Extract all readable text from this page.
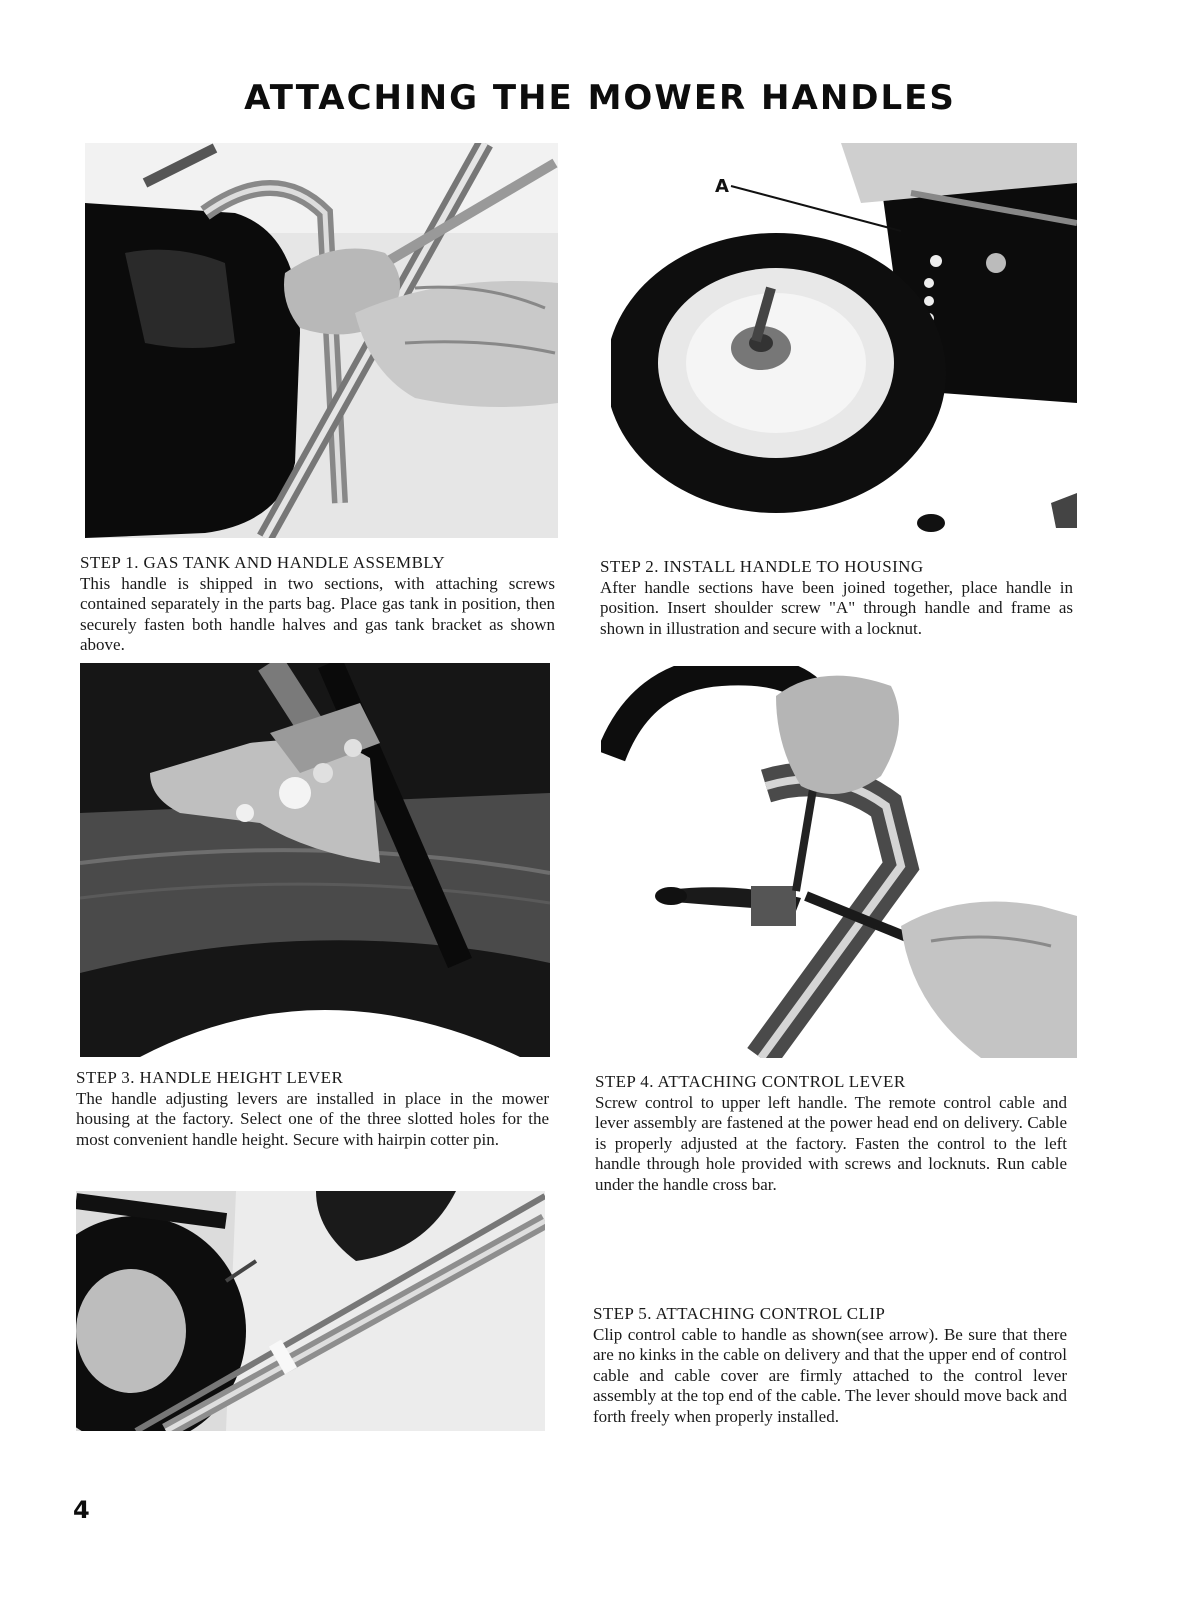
ATTACHING THE MOWER HANDLES
A
STEP 1. GAS TANK AND HANDLE ASSEMBLY
This handle is shipped in two sections, with attaching screws contained separately in the parts bag. Place gas tank in position, then securely fasten both handle halves and gas tank bracket as shown above.
STEP 2. INSTALL HANDLE TO HOUSING
After handle sections have been joined together, place handle in position. Insert shoulder screw "A" through handle and frame as shown in illustration and secure with a locknut.
STEP 3. HANDLE HEIGHT LEVER
The handle adjusting levers are installed in place in the mower housing at the factory. Select one of the three slotted holes for the most convenient handle height. Secure with hairpin cotter pin.
STEP 4. ATTACHING CONTROL LEVER
Screw control to upper left handle. The remote control cable and lever assembly are fastened at the power head end on delivery. Cable is properly adjusted at the factory. Fasten the control to the left handle through hole provided with screws and locknuts. Run cable under the handle cross bar.
STEP 5. ATTACHING CONTROL CLIP
Clip control cable to handle as shown(see arrow). Be sure that there are no kinks in the cable on delivery and that the upper end of control cable and cable cover are firmly attached to the control lever assembly at the top end of the cable. The lever should move back and forth freely when properly installed.
4
